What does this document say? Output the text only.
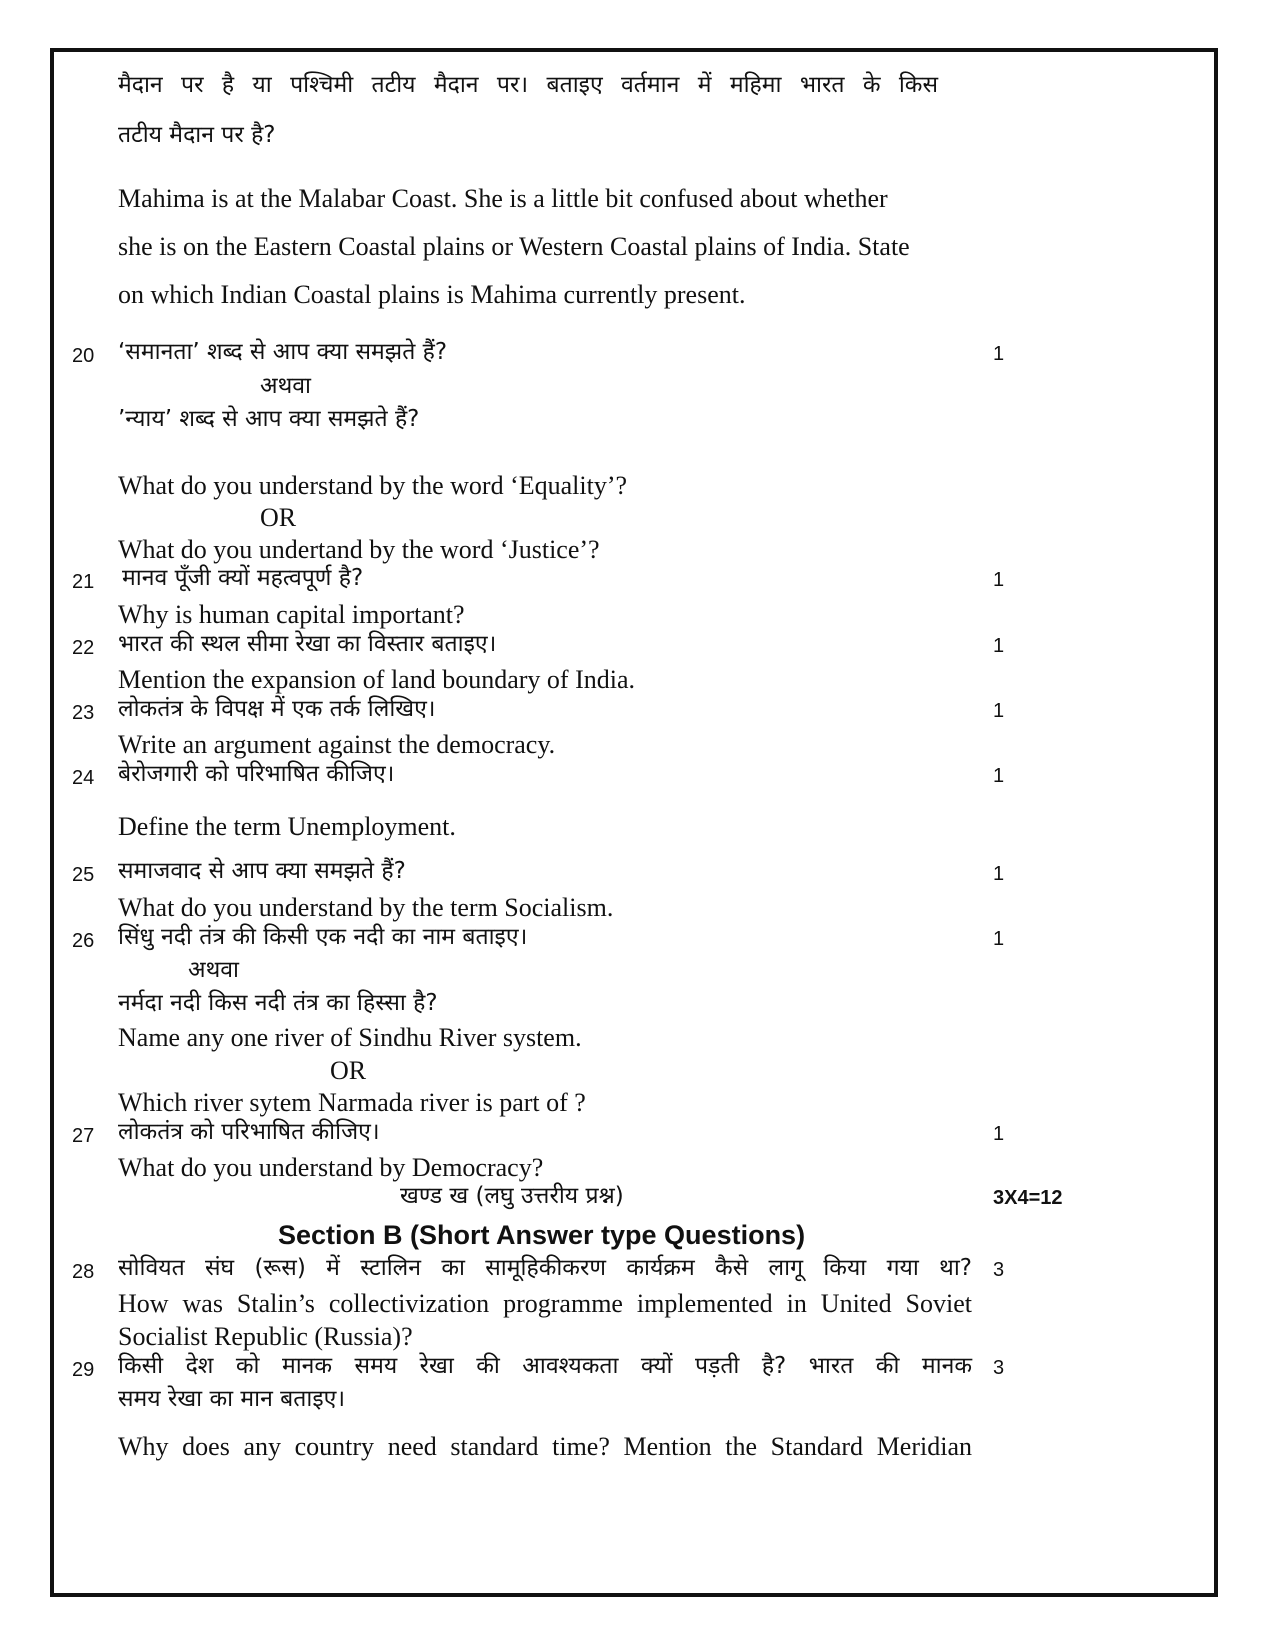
मैदान पर है या पश्चिमी तटीय मैदान पर। बताइए वर्तमान में महिमा भारत के किस
तटीय मैदान पर है?
Mahima is at the Malabar Coast. She is a little bit confused about whether
she is on the Eastern Coastal plains or Western Coastal plains of India. State
on which Indian Coastal plains is Mahima currently present.
20 ‘समानता’ शब्द से आप क्या समझते हैं?	1
अथवा
’न्याय’ शब्द से आप क्या समझते हैं?
What do you understand by the word ‘Equality’?
OR
What do you undertand by the word ‘Justice’?
21 मानव पूँजी क्यों महत्वपूर्ण है?	1
Why is human capital important?
22 भारत की स्थल सीमा रेखा का विस्तार बताइए।	1
Mention the expansion of land boundary of India.
23 लोकतंत्र के विपक्ष में एक तर्क लिखिए।	1
Write an argument against the democracy.
24 बेरोजगारी को परिभाषित कीजिए।	1
Define the term Unemployment.
25 समाजवाद से आप क्या समझते हैं?	1
What do you understand by the term Socialism.
26 सिंधु नदी तंत्र की किसी एक नदी का नाम बताइए।	1
अथवा
नर्मदा नदी किस नदी तंत्र का हिस्सा है?
Name any one river of Sindhu River system.
OR
Which river sytem Narmada river is part of ?
27 लोकतंत्र को परिभाषित कीजिए।	1
What do you understand by Democracy?
खण्ड ख (लघु उत्तरीय प्रश्न)	3X4=12
Section B (Short Answer type Questions)
28 सोवियत संघ (रूस) में स्टालिन का सामूहिकीकरण कार्यक्रम कैसे लागू किया गया था? 3
How was Stalin’s collectivization programme implemented in United Soviet
Socialist Republic (Russia)?
29 किसी देश को मानक समय रेखा की आवश्यकता क्यों पड़ती है? भारत की मानक 3
समय रेखा का मान बताइए।
Why does any country need standard time? Mention the Standard Meridian
